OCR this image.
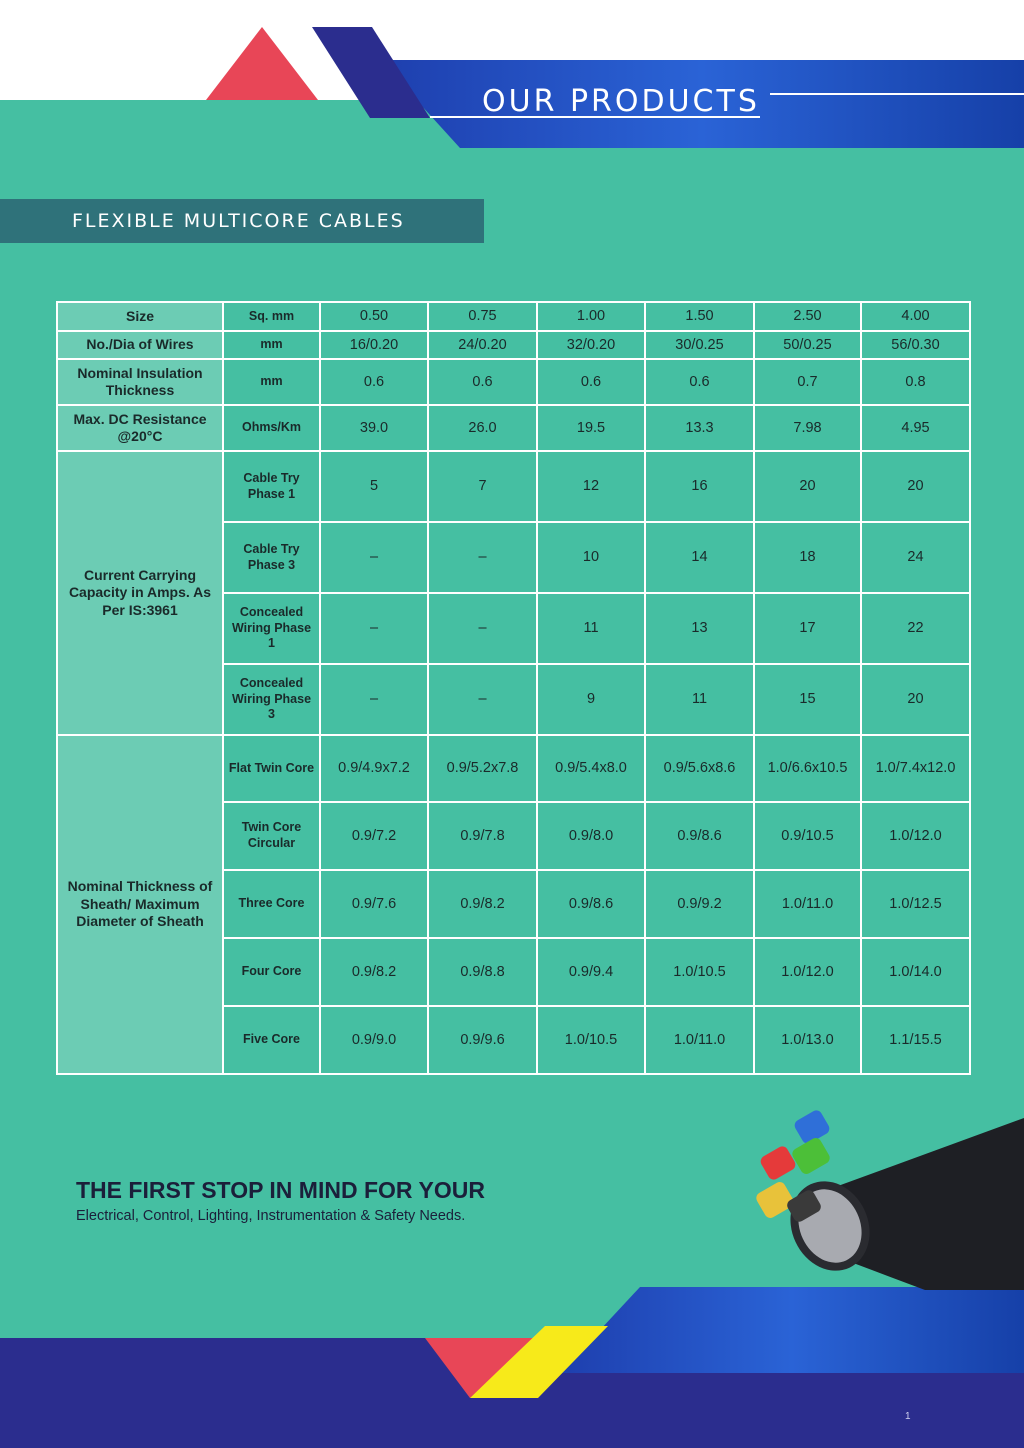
OUR PRODUCTS
FLEXIBLE MULTICORE CABLES
Size	Sq. mm	0.50	0.75	1.00	1.50	2.50	4.00
No./Dia of Wires	mm	16/0.20	24/0.20	32/0.20	30/0.25	50/0.25	56/0.30
Nominal Insulation Thickness	mm	0.6	0.6	0.6	0.6	0.7	0.8
Max. DC Resistance @20°C	Ohms/Km	39.0	26.0	19.5	13.3	7.98	4.95
Current Carrying Capacity in Amps. As Per IS:3961	Cable Try Phase 1	5	7	12	16	20	20
	Cable Try Phase 3	–	–	10	14	18	24
	Concealed Wiring Phase 1	–	–	11	13	17	22
	Concealed Wiring Phase 3	–	–	9	11	15	20
Nominal Thickness of Sheath/ Maximum Diameter of Sheath	Flat Twin Core	0.9/4.9x7.2	0.9/5.2x7.8	0.9/5.4x8.0	0.9/5.6x8.6	1.0/6.6x10.5	1.0/7.4x12.0
	Twin Core Circular	0.9/7.2	0.9/7.8	0.9/8.0	0.9/8.6	0.9/10.5	1.0/12.0
	Three Core	0.9/7.6	0.9/8.2	0.9/8.6	0.9/9.2	1.0/11.0	1.0/12.5
	Four Core	0.9/8.2	0.9/8.8	0.9/9.4	1.0/10.5	1.0/12.0	1.0/14.0
	Five Core	0.9/9.0	0.9/9.6	1.0/10.5	1.0/11.0	1.0/13.0	1.1/15.5

THE FIRST STOP IN MIND FOR YOUR

Electrical, Control, Lighting, Instrumentation & Safety Needs.

1
